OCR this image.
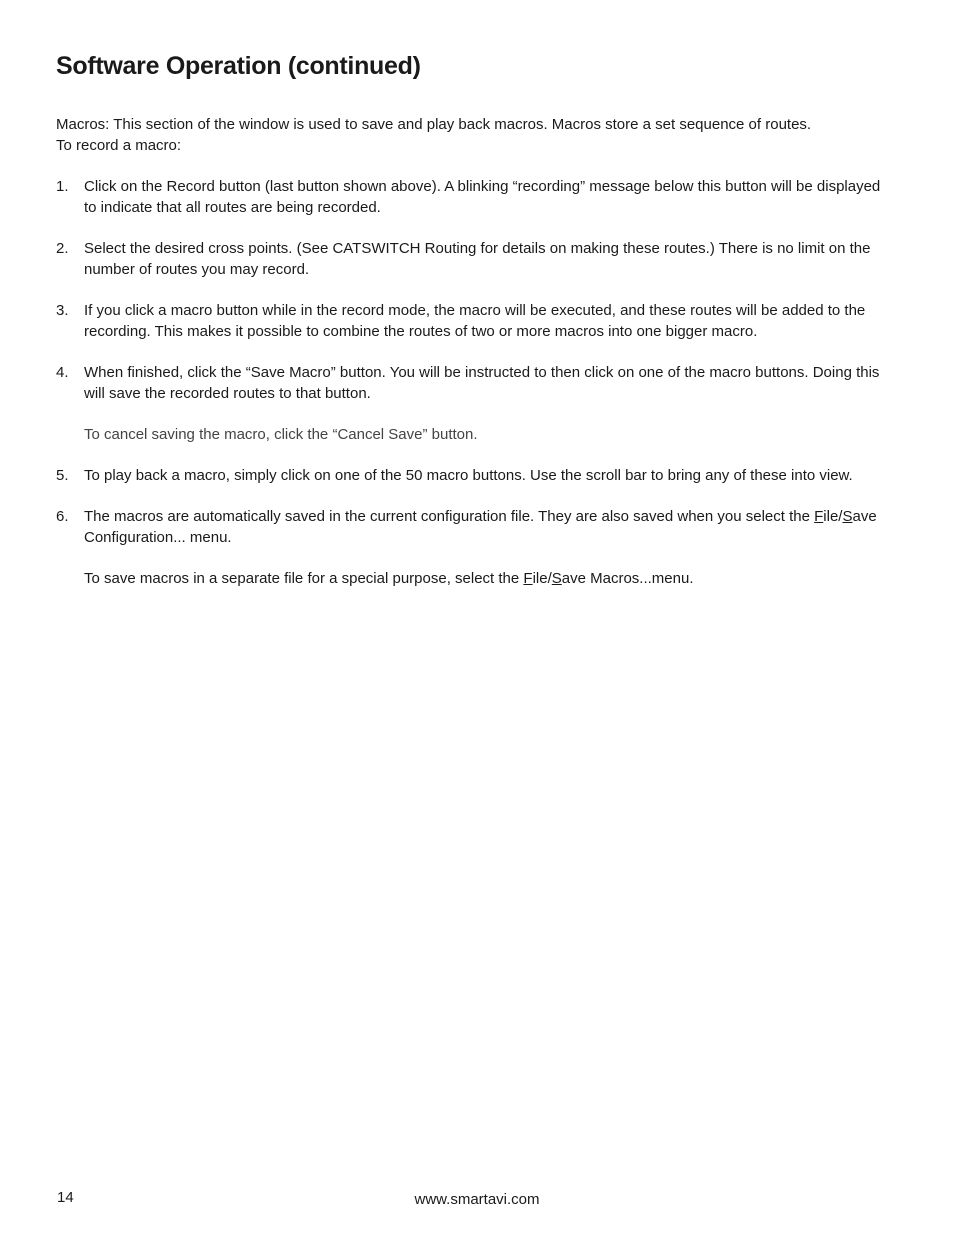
Software Operation (continued)

Macros: This section of the window is used to save and play back macros. Macros store a set sequence of routes.

To record a macro:

1. Click on the Record button (last button shown above). A blinking “recording” message below this button will be displayed to indicate that all routes are being recorded.

2. Select the desired cross points. (See CATSWITCH Routing for details on making these routes.) There is no limit on the number of routes you may record.

3. If you click a macro button while in the record mode, the macro will be executed, and these routes will be added to the recording. This makes it possible to combine the routes of two or more macros into one bigger macro.

4. When finished, click the “Save Macro” button. You will be instructed to then click on one of the macro buttons. Doing this will save the recorded routes to that button.

To cancel saving the macro, click the “Cancel Save” button.

5. To play back a macro, simply click on one of the 50 macro buttons. Use the scroll bar to bring any of these into view.

6. The macros are automatically saved in the current configuration file. They are also saved when you select the File/Save Configuration... menu.

To save macros in a separate file for a special purpose, select the File/Save Macros...menu.

14	www.smartavi.com
